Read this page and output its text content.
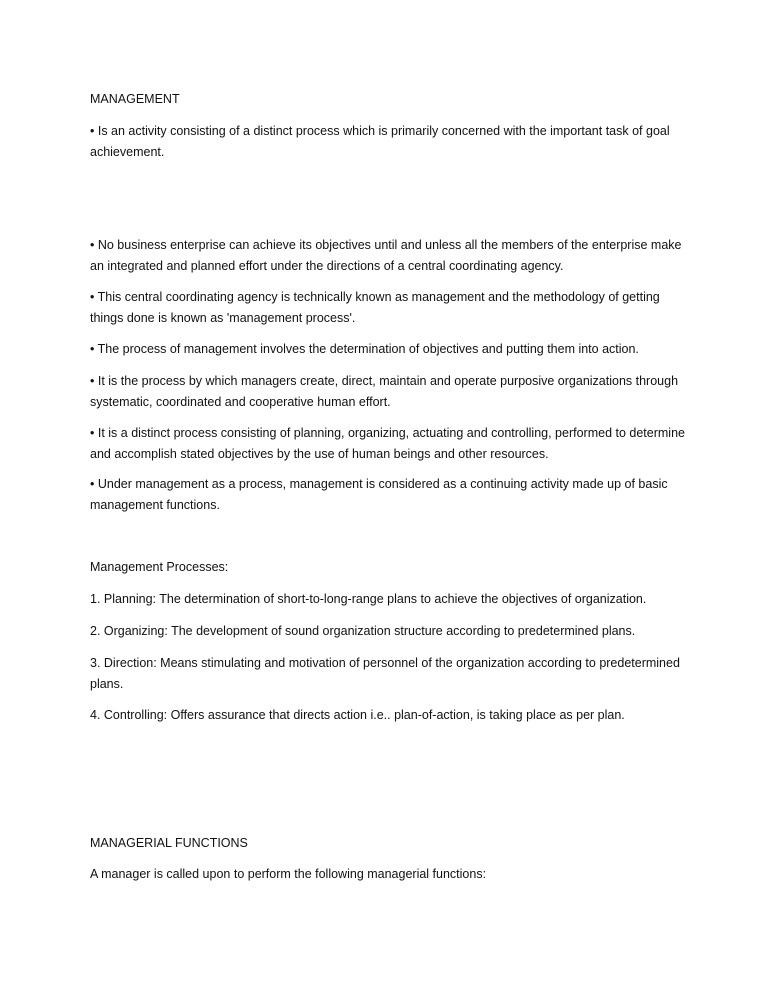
MANAGEMENT

• Is an activity consisting of a distinct process which is primarily concerned with the important task of goal achievement.

• No business enterprise can achieve its objectives until and unless all the members of the enterprise make an integrated and planned effort under the directions of a central coordinating agency.

• This central coordinating agency is technically known as management and the methodology of getting things done is known as 'management process'.

• The process of management involves the determination of objectives and putting them into action.

• It is the process by which managers create, direct, maintain and operate purposive organizations through systematic, coordinated and cooperative human effort.

• It is a distinct process consisting of planning, organizing, actuating and controlling, performed to determine and accomplish stated objectives by the use of human beings and other resources.

• Under management as a process, management is considered as a continuing activity made up of basic management functions.

Management Processes:

1. Planning: The determination of short-to-long-range plans to achieve the objectives of organization.

2. Organizing: The development of sound organization structure according to predetermined plans.

3. Direction: Means stimulating and motivation of personnel of the organization according to predetermined plans.

4. Controlling: Offers assurance that directs action i.e.. plan-of-action, is taking place as per plan.

MANAGERIAL FUNCTIONS

A manager is called upon to perform the following managerial functions:
